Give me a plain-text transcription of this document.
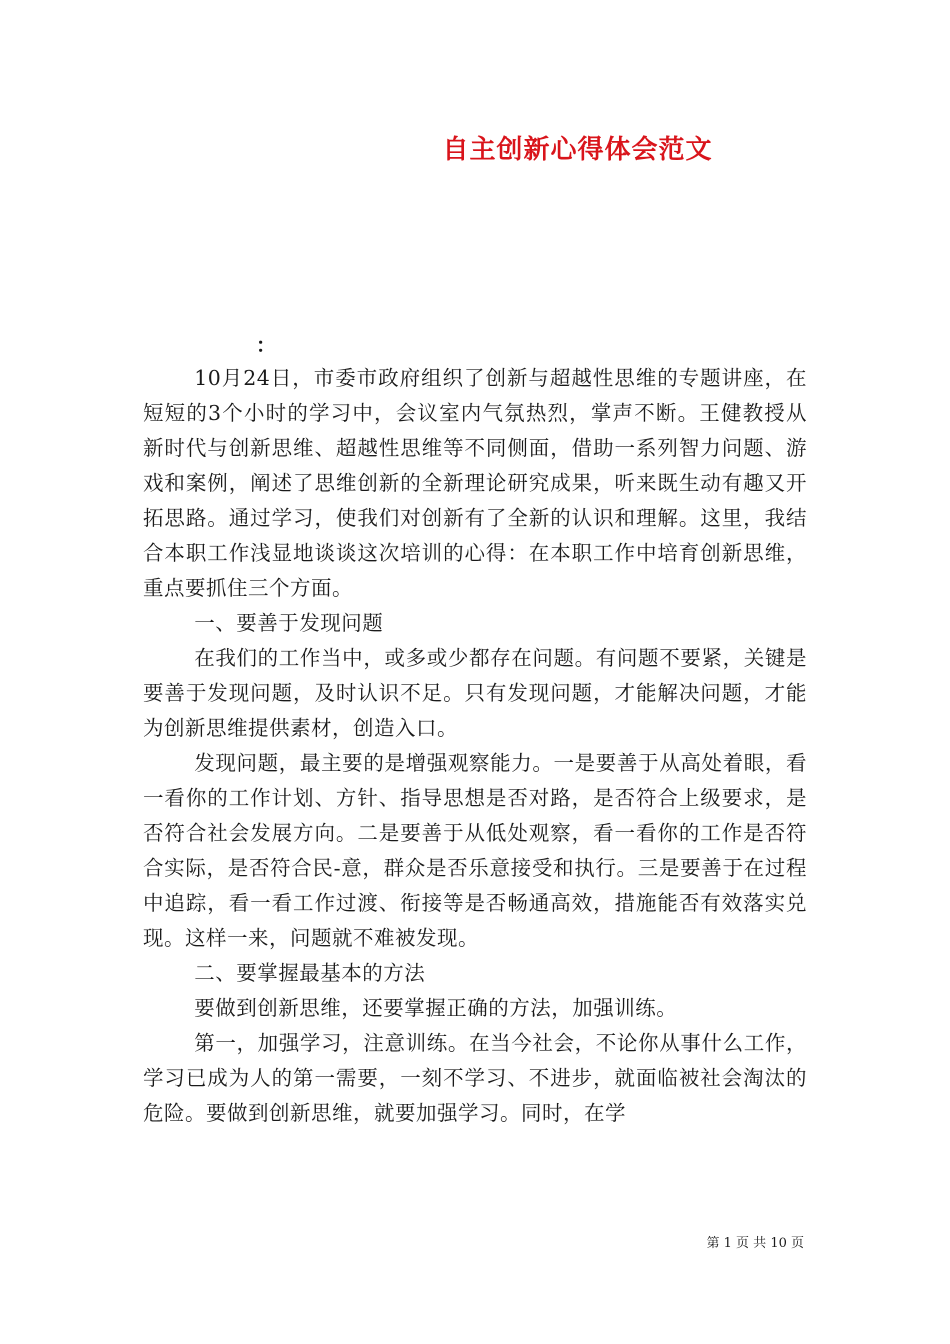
自主创新心得体会范文
：

10月24日，市委市政府组织了创新与超越性思维的专题讲座，在短短的3个小时的学习中，会议室内气氛热烈，掌声不断。王健教授从新时代与创新思维、超越性思维等不同侧面，借助一系列智力问题、游戏和案例，阐述了思维创新的全新理论研究成果，听来既生动有趣又开拓思路。通过学习，使我们对创新有了全新的认识和理解。这里，我结合本职工作浅显地谈谈这次培训的心得：在本职工作中培育创新思维，重点要抓住三个方面。

一、要善于发现问题

在我们的工作当中，或多或少都存在问题。有问题不要紧，关键是要善于发现问题，及时认识不足。只有发现问题，才能解决问题，才能为创新思维提供素材，创造入口。

发现问题，最主要的是增强观察能力。一是要善于从高处着眼，看一看你的工作计划、方针、指导思想是否对路，是否符合上级要求，是否符合社会发展方向。二是要善于从低处观察，看一看你的工作是否符合实际，是否符合民-意，群众是否乐意接受和执行。三是要善于在过程中追踪，看一看工作过渡、衔接等是否畅通高效，措施能否有效落实兑现。这样一来，问题就不难被发现。

二、要掌握最基本的方法

要做到创新思维，还要掌握正确的方法，加强训练。

第一，加强学习，注意训练。在当今社会，不论你从事什么工作，学习已成为人的第一需要，一刻不学习、不进步，就面临被社会淘汰的危险。要做到创新思维，就要加强学习。同时，在学

第 1 页 共 10 页
